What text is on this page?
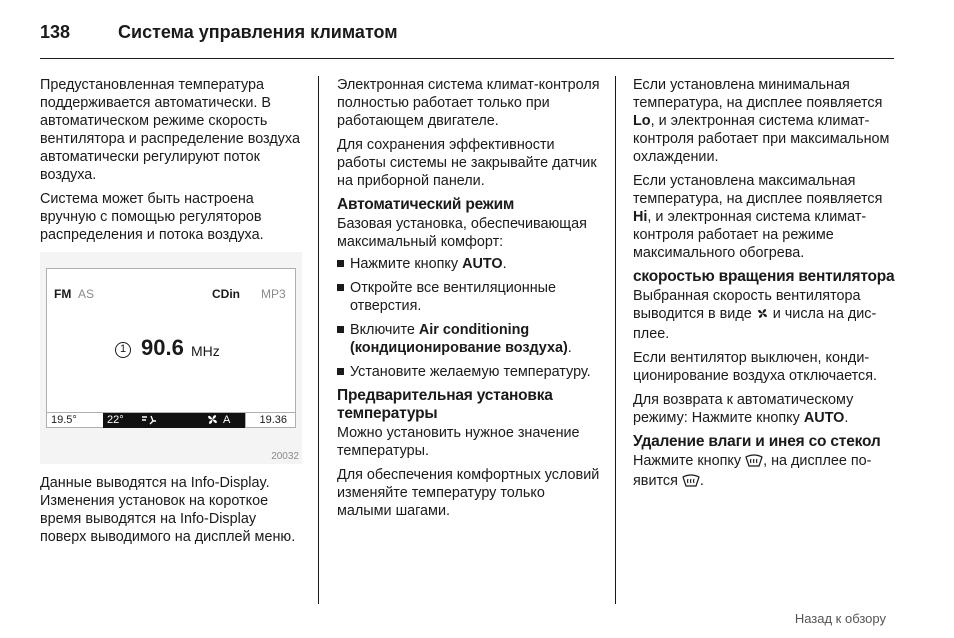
138	Система управления климатом

Предустановленная температура поддерживается автоматически. В автоматическом режиме скорость вентилятора и распределение воздуха автоматически регулируют поток воздуха.

Система может быть настроена вручную с помощью регуляторов распределения и потока воздуха.

FM AS	CDin MP3
1 90.6 MHz
19.5°	22°	A	19.36
20032

Данные выводятся на Info-Display. Изменения установок на короткое время выводятся на Info-Display поверх выводимого на дисплей меню.

Электронная система климат-контроля полностью работает только при работающем двигателе.

Для сохранения эффективности работы системы не закрывайте датчик на приборной панели.

Автоматический режим

Базовая установка, обеспечивающая максимальный комфорт:

Нажмите кнопку AUTO.
Откройте все вентиляционные отверстия.
Включите Air conditioning (кондиционирование воздуха).
Установите желаемую температуру.
Предварительная установка температуры

Можно установить нужное значение температуры.

Для обеспечения комфортных условий изменяйте температуру только малыми шагами.

Если установлена минимальная температура, на дисплее появляется Lo, и электронная система климат-контроля работает при максимальном охлаждении.

Если установлена максимальная температура, на дисплее появляется Hi, и электронная система климат-контроля работает на режиме максимального обогрева.

скоростью вращения вентилятора

Выбранная скорость вентилятора выводится в виде  и числа на дисплее.

Если вентилятор выключен, кондиционирование воздуха отключается.

Для возврата к автоматическому режиму: Нажмите кнопку AUTO.

Удаление влаги и инея со стекол

Нажмите кнопку , на дисплее появится .

Назад к обзору
